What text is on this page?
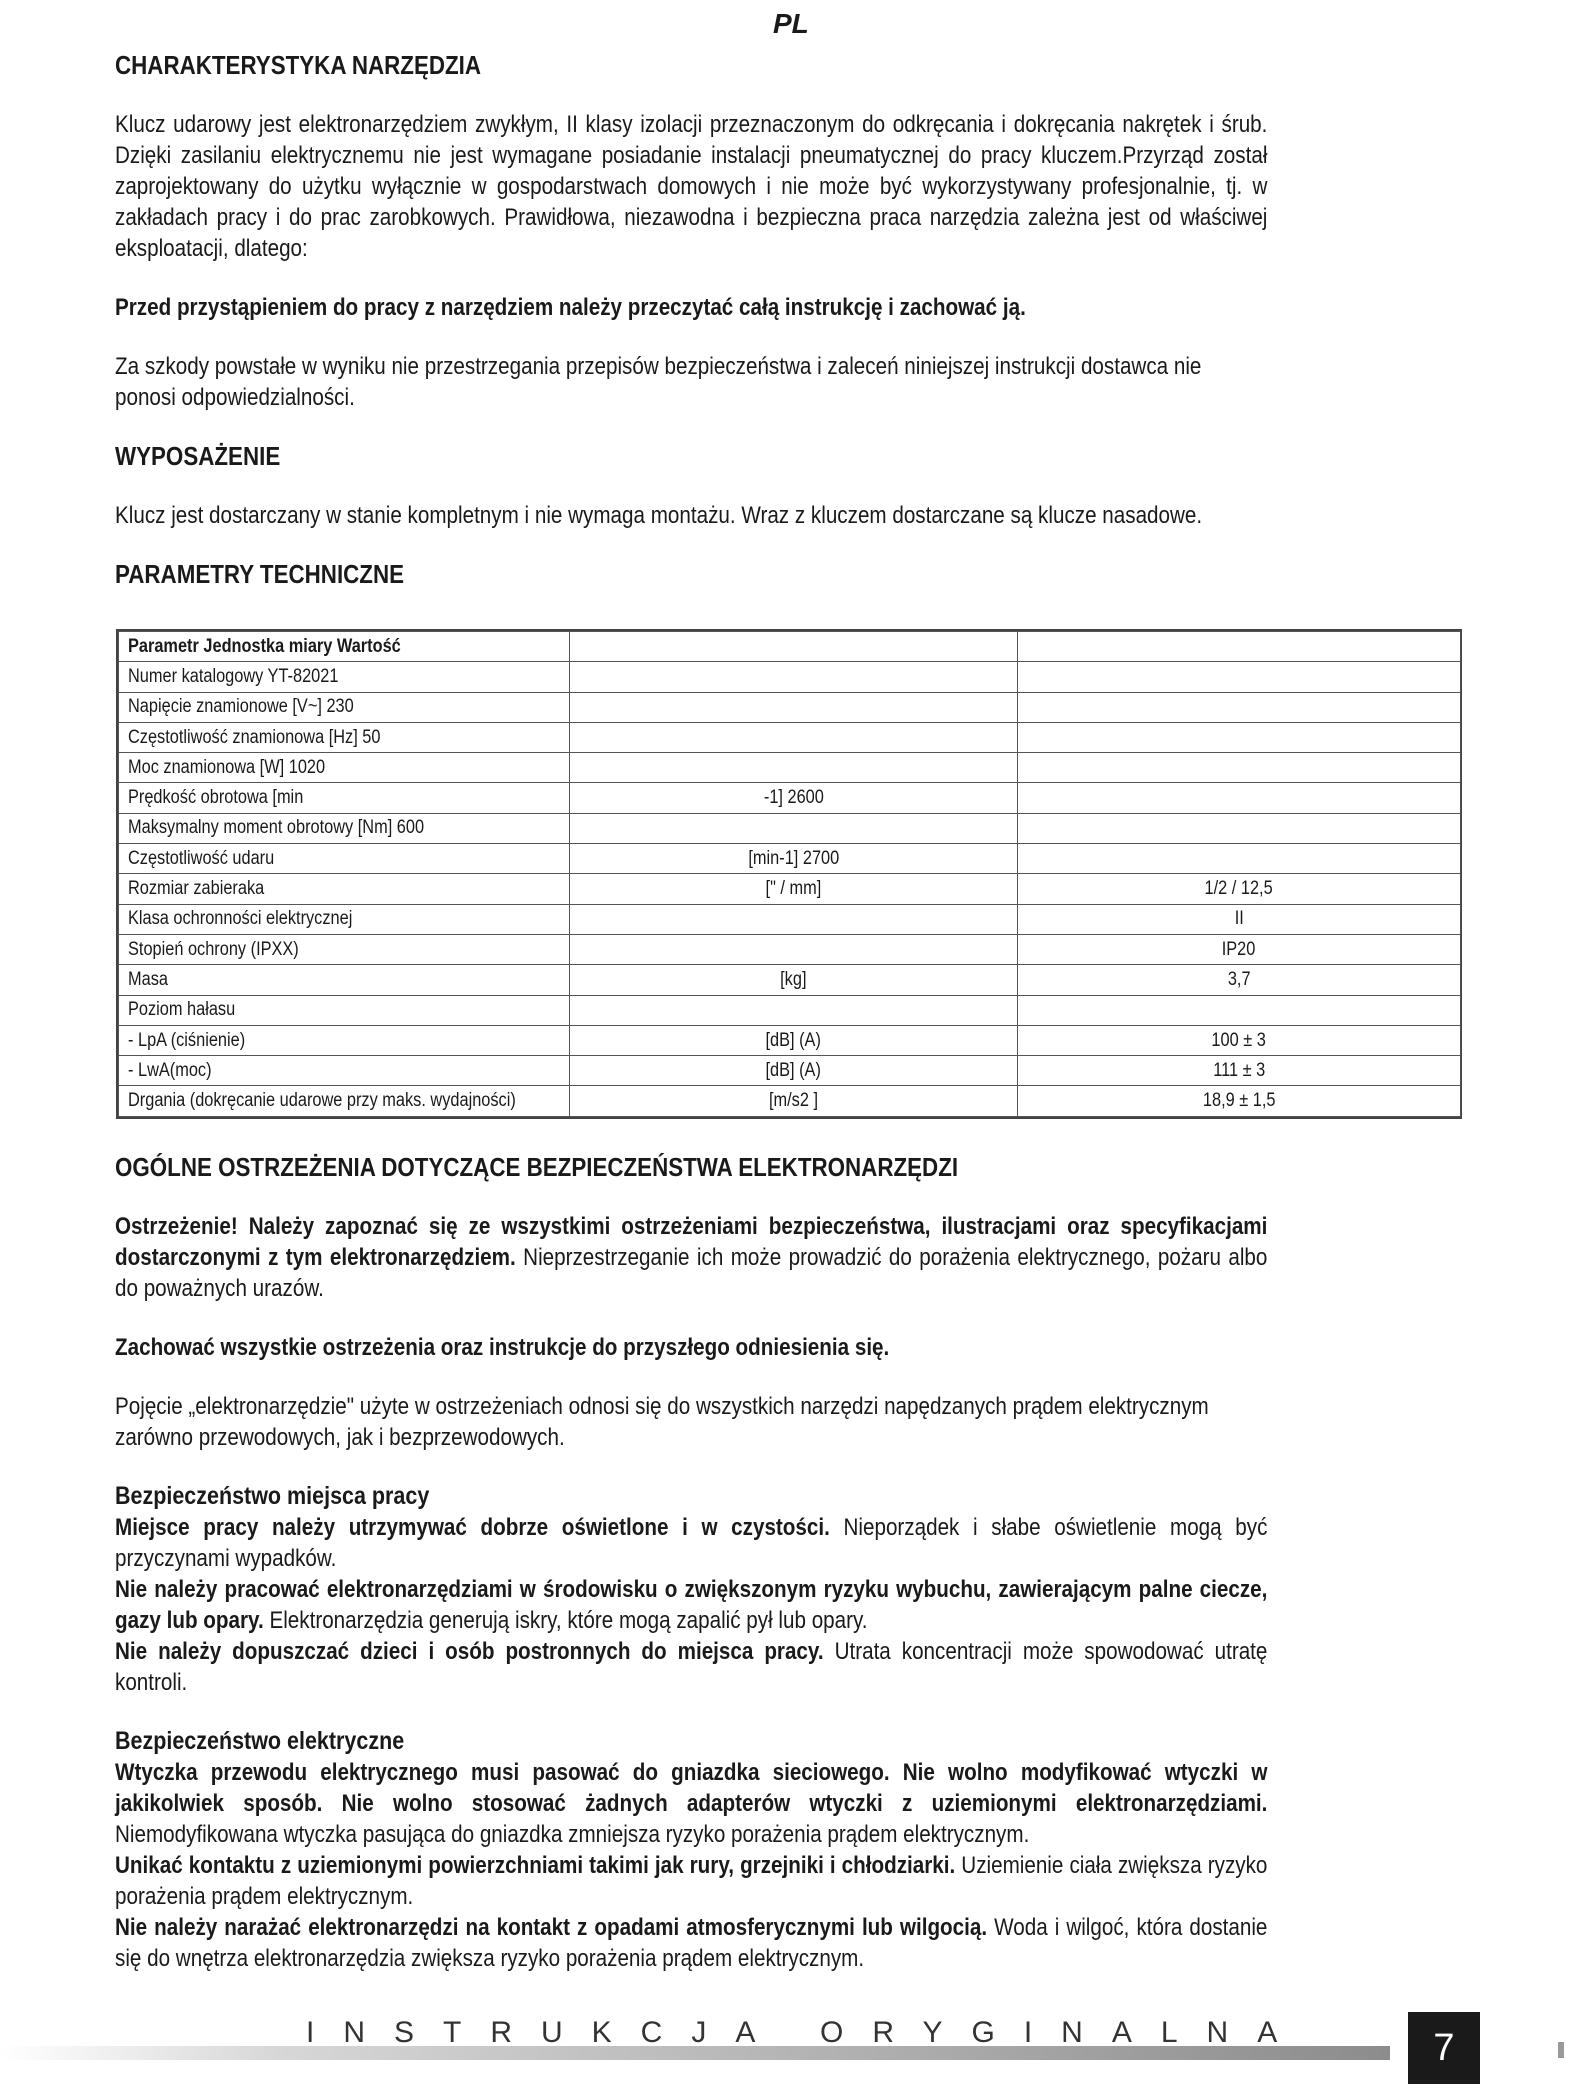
PL

CHARAKTERYSTYKA NARZĘDZIA

Klucz udarowy jest elektronarzędziem zwykłym, II klasy izolacji przeznaczonym do odkręcania i dokręcania nakrętek i śrub. Dzięki zasilaniu elektrycznemu nie jest wymagane posiadanie instalacji pneumatycznej do pracy kluczem.Przyrząd został zaprojektowany do użytku wyłącznie w gospodarstwach domowych i nie może być wykorzystywany profesjonalnie, tj. w zakładach pracy i do prac zarobkowych. Prawidłowa, niezawodna i bezpieczna praca narzędzia zależna jest od właściwej eksploatacji, dlatego:

Przed przystąpieniem do pracy z narzędziem należy przeczytać całą instrukcję i zachować ją.

Za szkody powstałe w wyniku nie przestrzegania przepisów bezpieczeństwa i zaleceń niniejszej instrukcji dostawca nie ponosi odpowiedzialności.

WYPOSAŻENIE

Klucz jest dostarczany w stanie kompletnym i nie wymaga montażu. Wraz z kluczem dostarczane są klucze nasadowe.

PARAMETRY TECHNICZNE

Parametr Jednostka miary Wartość		
Numer katalogowy YT-82021		
Napięcie znamionowe [V~] 230		
Częstotliwość znamionowa [Hz] 50		
Moc znamionowa [W] 1020		
Prędkość obrotowa [min	-1] 2600	
Maksymalny moment obrotowy [Nm] 600		
Częstotliwość udaru	[min-1] 2700	
Rozmiar zabieraka	[" / mm]	1/2 / 12,5
Klasa ochronności elektrycznej		II
Stopień ochrony (IPXX)		IP20
Masa	[kg]	3,7
Poziom hałasu		
- LpA (ciśnienie)	[dB] (A)	100 ± 3
- LwA(moc)	[dB] (A)	111 ± 3
Drgania (dokręcanie udarowe przy maks. wydajności)	[m/s2 ]	18,9 ± 1,5

OGÓLNE OSTRZEŻENIA DOTYCZĄCE BEZPIECZEŃSTWA ELEKTRONARZĘDZI

Ostrzeżenie! Należy zapoznać się ze wszystkimi ostrzeżeniami bezpieczeństwa, ilustracjami oraz specyfikacjami dostarczonymi z tym elektronarzędziem. Nieprzestrzeganie ich może prowadzić do porażenia elektrycznego, pożaru albo do poważnych urazów.

Zachować wszystkie ostrzeżenia oraz instrukcje do przyszłego odniesienia się.

Pojęcie „elektronarzędzie" użyte w ostrzeżeniach odnosi się do wszystkich narzędzi napędzanych prądem elektrycznym zarówno przewodowych, jak i bezprzewodowych.

Bezpieczeństwo miejsca pracy

Miejsce pracy należy utrzymywać dobrze oświetlone i w czystości. Nieporządek i słabe oświetlenie mogą być przyczynami wypadków.

Nie należy pracować elektronarzędziami w środowisku o zwiększonym ryzyku wybuchu, zawierającym palne ciecze, gazy lub opary. Elektronarzędzia generują iskry, które mogą zapalić pył lub opary.

Nie należy dopuszczać dzieci i osób postronnych do miejsca pracy. Utrata koncentracji może spowodować utratę kontroli.

Bezpieczeństwo elektryczne

Wtyczka przewodu elektrycznego musi pasować do gniazdka sieciowego. Nie wolno modyfikować wtyczki w jakikolwiek sposób. Nie wolno stosować żadnych adapterów wtyczki z uziemionymi elektronarzędziami. Niemodyfikowana wtyczka pasująca do gniazdka zmniejsza ryzyko porażenia prądem elektrycznym.

Unikać kontaktu z uziemionymi powierzchniami takimi jak rury, grzejniki i chłodziarki. Uziemienie ciała zwiększa ryzyko porażenia prądem elektrycznym.

Nie należy narażać elektronarzędzi na kontakt z opadami atmosferycznymi lub wilgocią. Woda i wilgoć, która dostanie się do wnętrza elektronarzędzia zwiększa ryzyko porażenia prądem elektrycznym.

INSTRUKCJA ORYGINALNA	7
